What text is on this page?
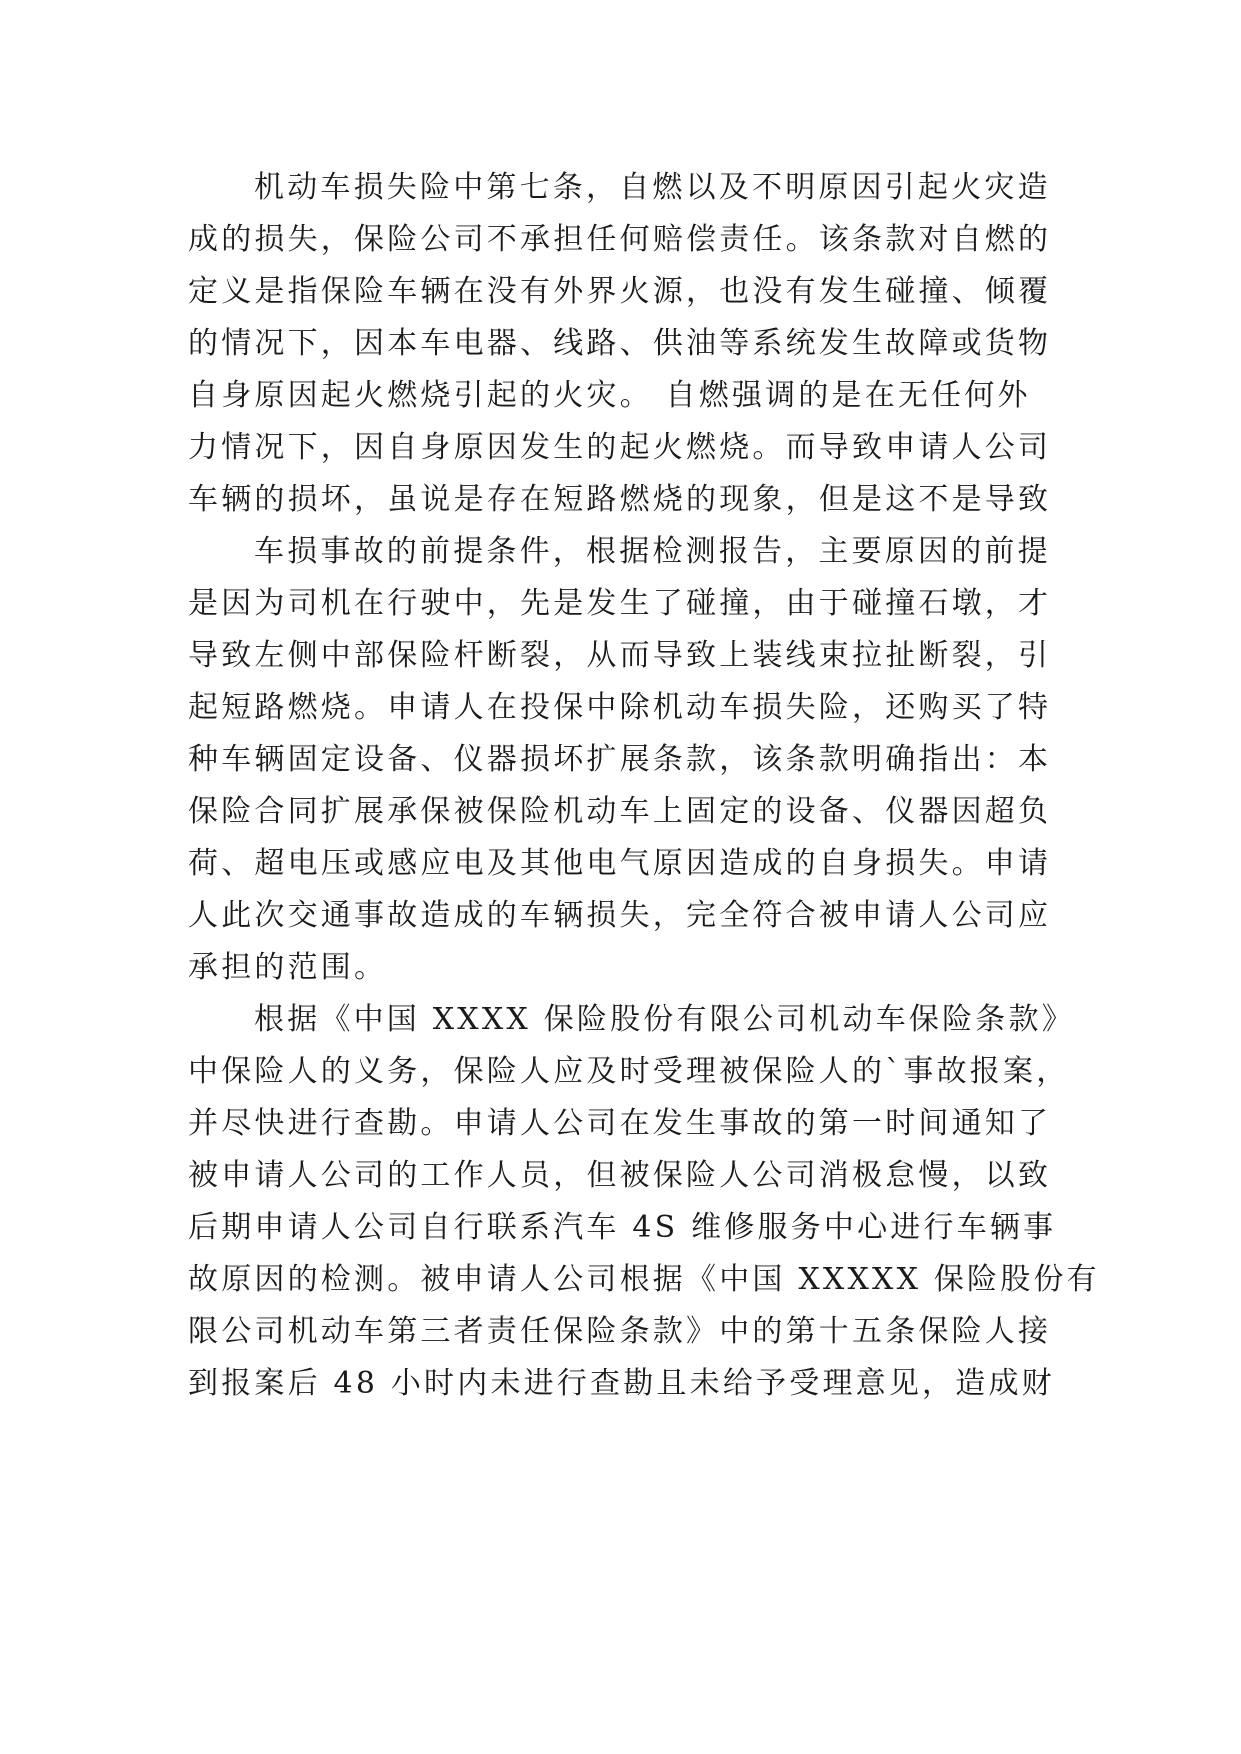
机动车损失险中第七条，自燃以及不明原因引起火灾造
成的损失，保险公司不承担任何赔偿责任。该条款对自燃的
定义是指保险车辆在没有外界火源，也没有发生碰撞、倾覆
的情况下，因本车电器、线路、供油等系统发生故障或货物
自身原因起火燃烧引起的火灾。 自燃强调的是在无任何外
力情况下，因自身原因发生的起火燃烧。而导致申请人公司
车辆的损坏，虽说是存在短路燃烧的现象，但是这不是导致
车损事故的前提条件，根据检测报告，主要原因的前提
是因为司机在行驶中，先是发生了碰撞，由于碰撞石墩，才
导致左侧中部保险杆断裂，从而导致上装线束拉扯断裂，引
起短路燃烧。申请人在投保中除机动车损失险，还购买了特
种车辆固定设备、仪器损坏扩展条款，该条款明确指出：本
保险合同扩展承保被保险机动车上固定的设备、仪器因超负
荷、超电压或感应电及其他电气原因造成的自身损失。申请
人此次交通事故造成的车辆损失，完全符合被申请人公司应
承担的范围。
根据《中国 XXXX 保险股份有限公司机动车保险条款》
中保险人的义务，保险人应及时受理被保险人的`事故报案，
并尽快进行查勘。申请人公司在发生事故的第一时间通知了
被申请人公司的工作人员，但被保险人公司消极怠慢，以致
后期申请人公司自行联系汽车 4S 维修服务中心进行车辆事
故原因的检测。被申请人公司根据《中国 XXXXX 保险股份有
限公司机动车第三者责任保险条款》中的第十五条保险人接
到报案后 48 小时内未进行查勘且未给予受理意见，造成财
